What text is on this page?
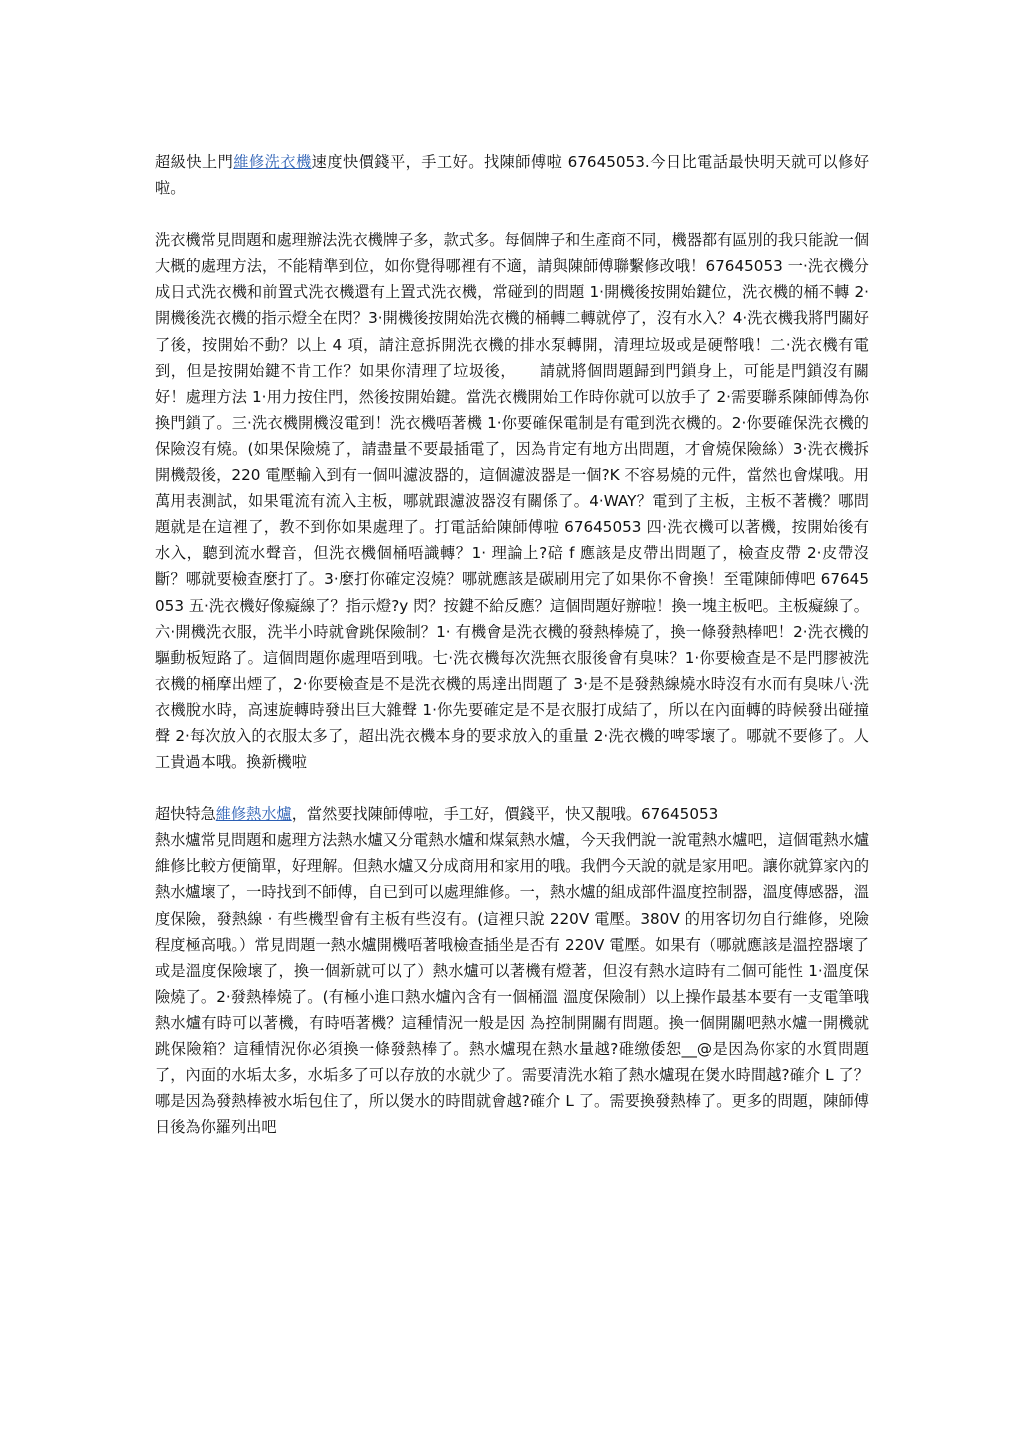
超級快上門維修洗衣機速度快價錢平，手工好。找陳師傅啦 67645053.今日比電話最快明天就可以修好啦。

洗衣機常見問題和處理辦法洗衣機牌子多，款式多。每個牌子和生產商不同，機器都有區別的我只能說一個大概的處理方法，不能精準到位，如你覺得哪裡有不適，請與陳師傅聯繫修改哦！67645053 一·洗衣機分成日式洗衣機和前置式洗衣機還有上置式洗衣機，常碰到的問題 1·開機後按開始鍵位，洗衣機的桶不轉 2·開機後洗衣機的指示燈全在閃？3·開機後按開始洗衣機的桶轉二轉就停了，沒有水入？4·洗衣機我將門關好了後，按開始不動？以上 4 項，請注意拆開洗衣機的排水泵轉開，清理垃圾或是硬幣哦！二·洗衣機有電到，但是按開始鍵不肯工作？如果你清理了垃圾後，　　請就將個問題歸到門鎖身上，可能是門鎖沒有關好！處理方法 1·用力按住門，然後按開始鍵。當洗衣機開始工作時你就可以放手了 2·需要聯系陳師傅為你換門鎖了。三·洗衣機開機沒電到！洗衣機唔著機 1·你要確保電制是有電到洗衣機的。2·你要確保洗衣機的保險沒有燒。(如果保險燒了，請盡量不要最插電了，因為肯定有地方出問題，才會燒保險絲）3·洗衣機拆開機殼後，220 電壓輸入到有一個叫濾波器的，這個濾波器是一個?K 不容易燒的元件，當然也會煤哦。用萬用表測試，如果電流有流入主板，哪就跟濾波器沒有關係了。4·WAY？電到了主板，主板不著機？哪問題就是在這裡了，教不到你如果處理了。打電話給陳師傅啦 67645053 四·洗衣機可以著機，按開始後有水入，聽到流水聲音，但洗衣機個桶唔識轉？1· 理論上?碚 f 應該是皮帶出問題了，檢查皮帶 2·皮帶沒斷？哪就要檢查麼打了。3·麼打你確定沒燒？哪就應該是碳刷用完了如果你不會換！至電陳師傅吧 67645053 五·洗衣機好像癡線了？指示燈?y 閃？按鍵不給反應？這個問題好辦啦！換一塊主板吧。主板癡線了。六·開機洗衣服，洗半小時就會跳保險制？1· 有機會是洗衣機的發熱棒燒了，換一條發熱棒吧！2·洗衣機的驅動板短路了。這個問題你處理唔到哦。七·洗衣機每次洗無衣服後會有臭味？1·你要檢查是不是門膠被洗衣機的桶摩出煙了，2·你要檢查是不是洗衣機的馬達出問題了 3·是不是發熱線燒水時沒有水而有臭味八·洗衣機脫水時，高速旋轉時發出巨大雜聲 1·你先要確定是不是衣服打成結了，所以在內面轉的時候發出碰撞聲 2·每次放入的衣服太多了，超出洗衣機本身的要求放入的重量 2·洗衣機的啤零壞了。哪就不要修了。人工貴過本哦。換新機啦

超快特急維修熱水爐，當然要找陳師傅啦，手工好，價錢平，快又靚哦。67645053

熱水爐常見問題和處理方法熱水爐又分電熱水爐和煤氣熱水爐，今天我們說一說電熱水爐吧，這個電熱水爐維修比較方便簡單，好理解。但熱水爐又分成商用和家用的哦。我們今天說的就是家用吧。讓你就算家內的熱水爐壞了，一時找到不師傅，自已到可以處理維修。一，熱水爐的組成部件溫度控制器，溫度傳感器，溫度保險，發熱線 · 有些機型會有主板有些沒有。(這裡只說 220V 電壓。380V 的用客切勿自行維修，兇險程度極高哦。）常見問題一熱水爐開機唔著哦檢查插坐是否有 220V 電壓。如果有（哪就應該是溫控器壞了或是溫度保險壞了，換一個新就可以了）熱水爐可以著機有燈著，但沒有熱水這時有二個可能性 1·溫度保險燒了。2·發熱棒燒了。(有極小進口熱水爐內含有一個桶溫 溫度保險制）以上操作最基本要有一支電筆哦熱水爐有時可以著機，有時唔著機？這種情況一般是因 為控制開關有問題。換一個開關吧熱水爐一開機就跳保險箱？這種情況你必須換一條發熱棒了。熱水爐現在熱水量越?碓缴倭恕__@是因為你家的水質問題了，內面的水垢太多，水垢多了可以存放的水就少了。需要清洗水箱了熱水爐現在煲水時間越?確介 L 了？哪是因為發熱棒被水垢包住了，所以煲水的時間就會越?確介 L 了。需要換發熱棒了。更多的問題，陳師傅日後為你羅列出吧
